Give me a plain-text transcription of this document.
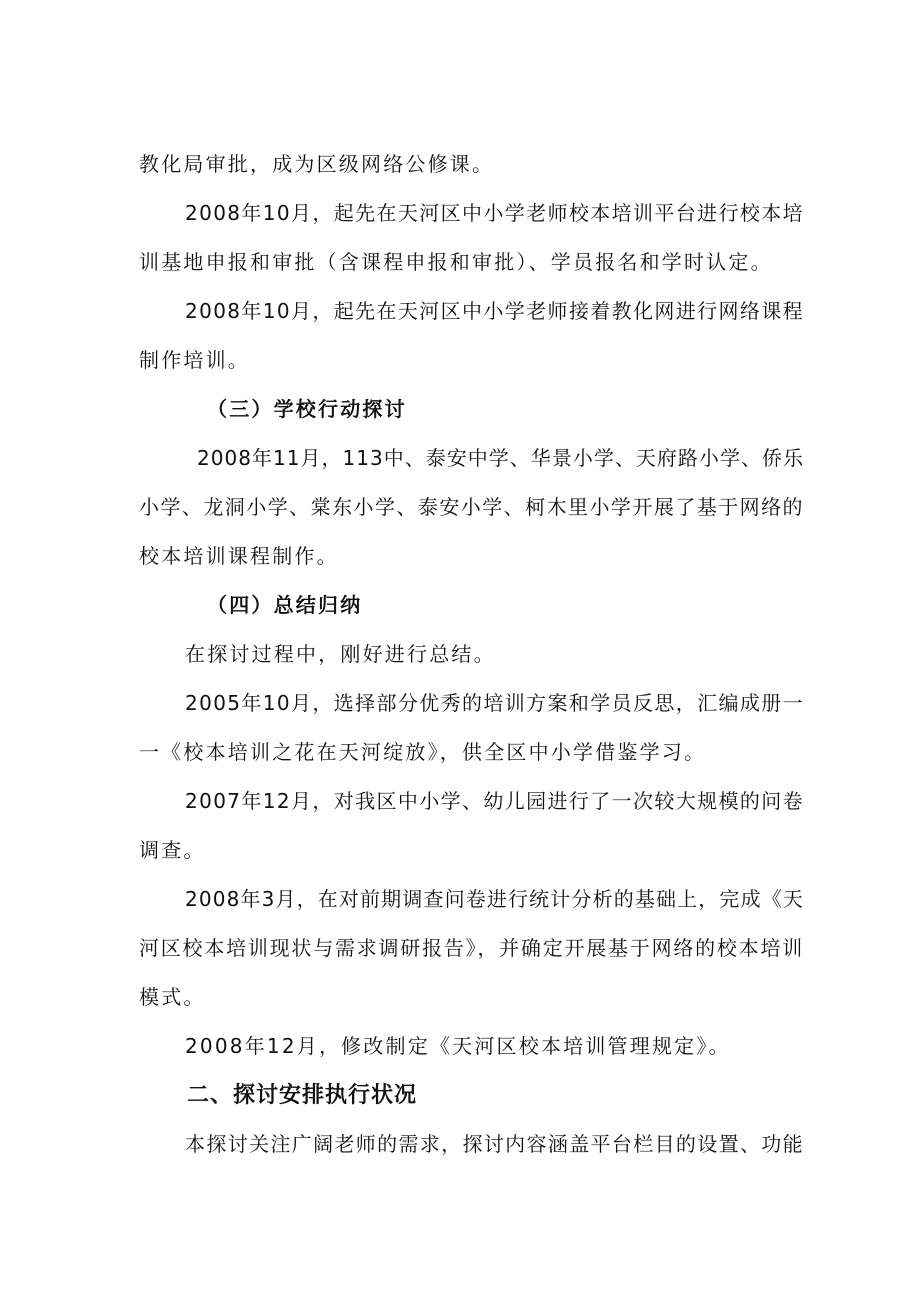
教化局审批，成为区级网络公修课。

2008年10月，起先在天河区中小学老师校本培训平台进行校本培
训基地申报和审批（含课程申报和审批）、学员报名和学时认定。

2008年10月，起先在天河区中小学老师接着教化网进行网络课程
制作培训。

（三）学校行动探讨

2008年11月，113中、泰安中学、华景小学、天府路小学、侨乐
小学、龙洞小学、棠东小学、泰安小学、柯木里小学开展了基于网络的
校本培训课程制作。

（四）总结归纳

在探讨过程中，刚好进行总结。

2005年10月，选择部分优秀的培训方案和学员反思，汇编成册一
一《校本培训之花在天河绽放》，供全区中小学借鉴学习。

2007年12月，对我区中小学、幼儿园进行了一次较大规模的问卷
调查。

2008年3月，在对前期调查问卷进行统计分析的基础上，完成《天
河区校本培训现状与需求调研报告》，并确定开展基于网络的校本培训
模式。

2008年12月，修改制定《天河区校本培训管理规定》。

二、探讨安排执行状况

本探讨关注广阔老师的需求，探讨内容涵盖平台栏目的设置、功能
